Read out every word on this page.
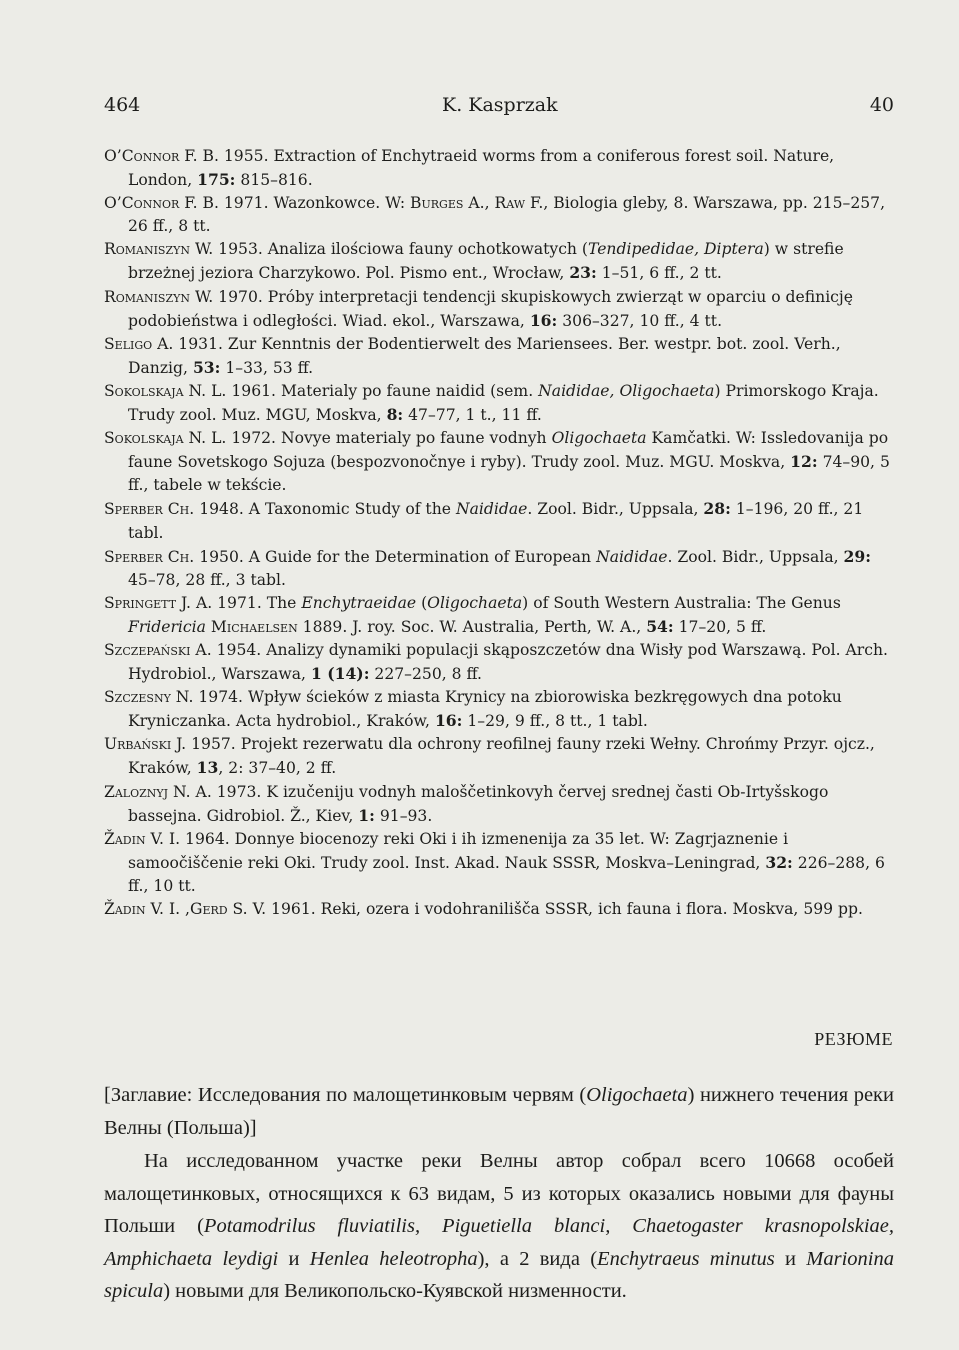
464	K. Kasprzak	40

O’Connor F. B. 1955. Extraction of Enchytraeid worms from a coniferous forest soil. Nature, London, 175: 815–816.

O’Connor F. B. 1971. Wazonkowce. W: Burges A., Raw F., Biologia gleby, 8. Warszawa, pp. 215–257, 26 ff., 8 tt.

Romaniszyn W. 1953. Analiza ilościowa fauny ochotkowatych (Tendipedidae, Diptera) w strefie brzeżnej jeziora Charzykowo. Pol. Pismo ent., Wrocław, 23: 1–51, 6 ff., 2 tt.

Romaniszyn W. 1970. Próby interpretacji tendencji skupiskowych zwierząt w oparciu o definicję podobieństwa i odległości. Wiad. ekol., Warszawa, 16: 306–327, 10 ff., 4 tt.

Seligo A. 1931. Zur Kenntnis der Bodentierwelt des Mariensees. Ber. westpr. bot. zool. Verh., Danzig, 53: 1–33, 53 ff.

Sokolskaja N. L. 1961. Materialy po faune naidid (sem. Naididae, Oligochaeta) Primorskogo Kraja. Trudy zool. Muz. MGU, Moskva, 8: 47–77, 1 t., 11 ff.

Sokolskaja N. L. 1972. Novye materialy po faune vodnyh Oligochaeta Kamčatki. W: Issledovanija po faune Sovetskogo Sojuza (bespozvonočnye i ryby). Trudy zool. Muz. MGU. Moskva, 12: 74–90, 5 ff., tabele w tekście.

Sperber Ch. 1948. A Taxonomic Study of the Naididae. Zool. Bidr., Uppsala, 28: 1–196, 20 ff., 21 tabl.

Sperber Ch. 1950. A Guide for the Determination of European Naididae. Zool. Bidr., Uppsala, 29: 45–78, 28 ff., 3 tabl.

Springett J. A. 1971. The Enchytraeidae (Oligochaeta) of South Western Australia: The Genus Fridericia Michaelsen 1889. J. roy. Soc. W. Australia, Perth, W. A., 54: 17–20, 5 ff.

Szczepański A. 1954. Analizy dynamiki populacji skąposzczetów dna Wisły pod Warszawą. Pol. Arch. Hydrobiol., Warszawa, 1 (14): 227–250, 8 ff.

Szczesny N. 1974. Wpływ ścieków z miasta Krynicy na zbiorowiska bezkręgowych dna potoku Kryniczanka. Acta hydrobiol., Kraków, 16: 1–29, 9 ff., 8 tt., 1 tabl.

Urbański J. 1957. Projekt rezerwatu dla ochrony reofilnej fauny rzeki Wełny. Chrońmy Przyr. ojcz., Kraków, 13, 2: 37–40, 2 ff.

Zaloznyj N. A. 1973. K izučeniju vodnyh maloščetinkovyh červej srednej časti Ob-Irtyšskogo bassejna. Gidrobiol. Ž., Kiev, 1: 91–93.

Žadin V. I. 1964. Donnye biocenozy reki Oki i ih izmenenija za 35 let. W: Zagrjaznenie i samoočiščenie reki Oki. Trudy zool. Inst. Akad. Nauk SSSR, Moskva–Leningrad, 32: 226–288, 6 ff., 10 tt.

Žadin V. I. ,Gerd S. V. 1961. Reki, ozera i vodohranilišča SSSR, ich fauna i flora. Moskva, 599 pp.

РЕЗЮМЕ

[Заглавие: Исследования по малощетинковым червям (Oligochaeta) нижнего течения реки Велны (Польша)]

На исследованном участке реки Велны автор собрал всего 10668 особей малощетинковых, относящихся к 63 видам, 5 из которых оказались новыми для фауны Польши (Potamodrilus fluviatilis, Piguetiella blanci, Chaetogaster krasnopolskiae, Amphichaeta leydigi и Henlea heleotropha), а 2 вида (Enchytraeus minutus и Marionina spicula) новыми для Великопольско-Куявской низменности.
